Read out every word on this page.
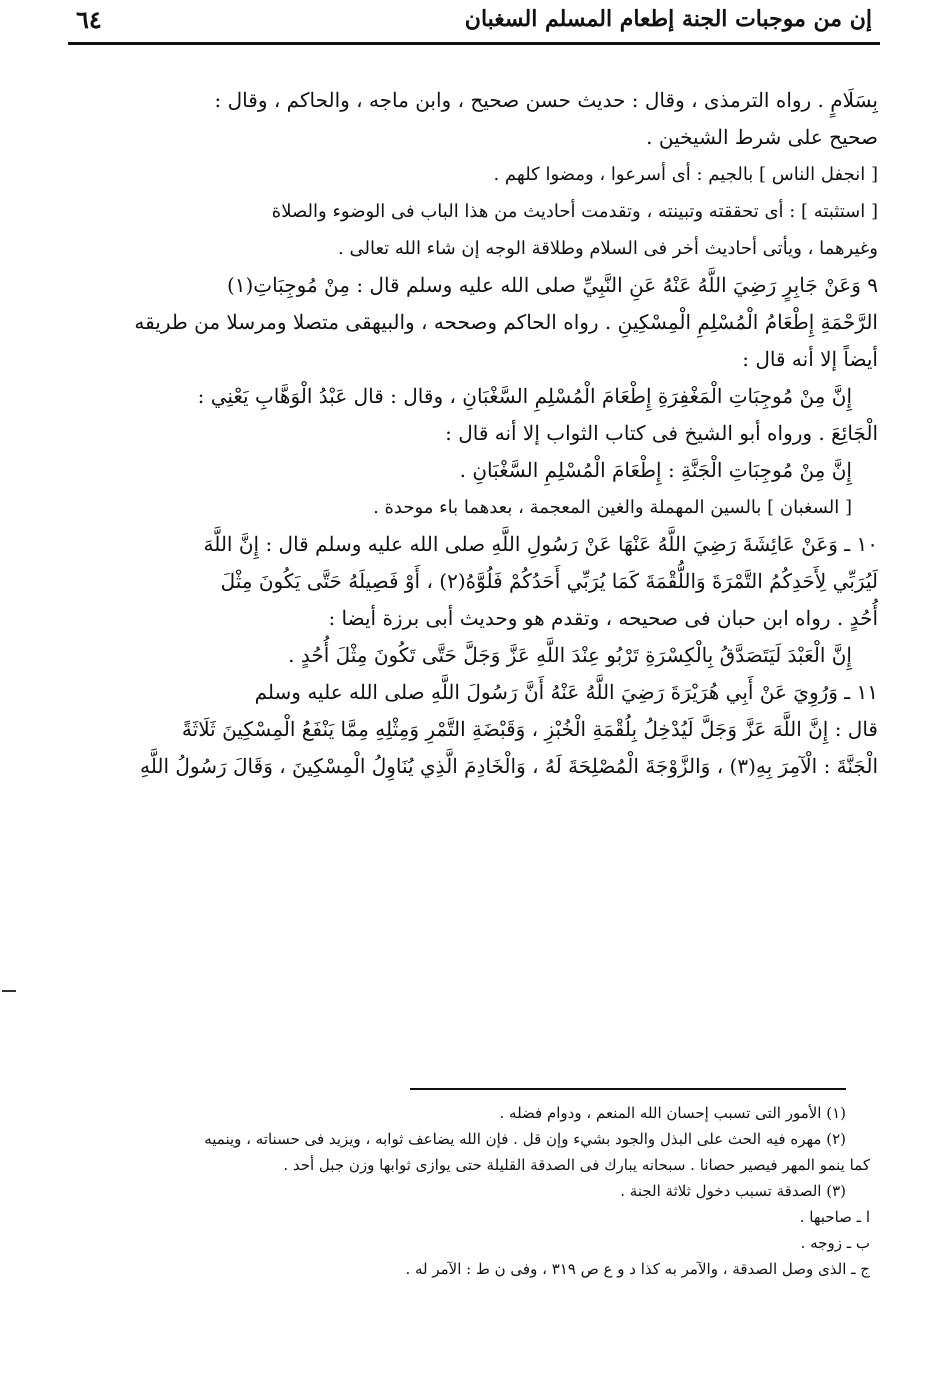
إن من موجبات الجنة إطعام المسلم السغبان
٦٤

بِسَلَامٍ . رواه الترمذى ، وقال : حديث حسن صحيح ، وابن ماجه ، والحاكم ، وقال :

صحيح على شرط الشيخين .

[ انجفل الناس ] بالجيم : أى أسرعوا ، ومضوا كلهم .

[ استثبته ] : أى تحققته وتبينته ، وتقدمت أحاديث من هذا الباب فى الوضوء والصلاة

وغيرهما ، ويأتى أحاديث أخر فى السلام وطلاقة الوجه إن شاء الله تعالى .

٩ وَعَنْ جَابِرٍ رَضِيَ اللَّهُ عَنْهُ عَنِ النَّبِيِّ صلى الله عليه وسلم قال : مِنْ مُوجِبَاتِ(١)

الرَّحْمَةِ إِطْعَامُ الْمُسْلِمِ الْمِسْكِينِ . رواه الحاكم وصححه ، والبيهقى متصلا ومرسلا من طريقه

أيضاً إلا أنه قال :

إِنَّ مِنْ مُوجِبَاتِ الْمَغْفِرَةِ إِطْعَامَ الْمُسْلِمِ السَّغْبَانِ ، وقال : قال عَبْدُ الْوَهَّابِ يَعْنِي :

الْجَائِعَ . ورواه أبو الشيخ فى كتاب الثواب إلا أنه قال :

إِنَّ مِنْ مُوجِبَاتِ الْجَنَّةِ : إِطْعَامَ الْمُسْلِمِ السَّغْبَانِ .

[ السغبان ] بالسين المهملة والغين المعجمة ، بعدهما باء موحدة .

١٠ ـ وَعَنْ عَائِشَةَ رَضِيَ اللَّهُ عَنْهَا عَنْ رَسُولِ اللَّهِ صلى الله عليه وسلم قال : إِنَّ اللَّهَ

لَيُرَبِّي لِأَحَدِكُمُ التَّمْرَةَ وَاللُّقْمَةَ كَمَا يُرَبِّي أَحَدُكُمْ فَلُوَّهُ(٢) ، أَوْ فَصِيلَهُ حَتَّى يَكُونَ مِثْلَ

أُحُدٍ . رواه ابن حبان فى صحيحه ، وتقدم هو وحديث أبى برزة أيضا :

إِنَّ الْعَبْدَ لَيَتَصَدَّقُ بِالْكِسْرَةِ تَرْبُو عِنْدَ اللَّهِ عَزَّ وَجَلَّ حَتَّى تَكُونَ مِثْلَ أُحُدٍ .

١١ ـ وَرُوِيَ عَنْ أَبِي هُرَيْرَةَ رَضِيَ اللَّهُ عَنْهُ أَنَّ رَسُولَ اللَّهِ صلى الله عليه وسلم

قال : إِنَّ اللَّهَ عَزَّ وَجَلَّ لَيُدْخِلُ بِلُقْمَةِ الْخُبْزِ ، وَقَبْضَةِ التَّمْرِ وَمِثْلِهِ مِمَّا يَنْفَعُ الْمِسْكِينَ ثَلَاثَةً

الْجَنَّةَ : الْآمِرَ بِهِ(٣) ، وَالزَّوْجَةَ الْمُصْلِحَةَ لَهُ ، وَالْخَادِمَ الَّذِي يُنَاوِلُ الْمِسْكِينَ ، وَقَالَ رَسُولُ اللَّهِ

(١) الأمور التى تسبب إحسان الله المنعم ، ودوام فضله .

(٢) مهره فيه الحث على البذل والجود بشيء وإن قل . فإن الله يضاعف ثوابه ، ويزيد فى حسناته ، وينميه

كما ينمو المهر فيصير حصانا . سبحانه يبارك فى الصدقة القليلة حتى يوازى ثوابها وزن جبل أحد .

(٣) الصدقة تسبب دخول ثلاثة الجنة .

ا ـ صاحبها .

ب ـ زوجه .

ج ـ الذى وصل الصدقة ، والآمر به كذا د و ع ص ٣١٩ ، وفى ن ط : الآمر له .
